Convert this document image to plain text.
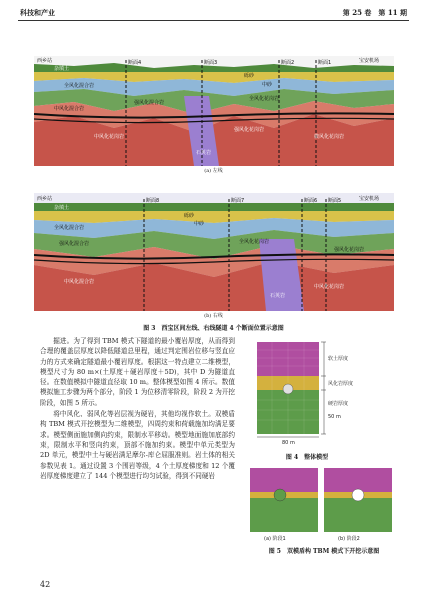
科技和产业	第 25 卷　第 11 期
西乡站	宝安机场
断面4	断面3	断面2	断面1
杂填土
砾砂
全风化混合岩
强风化混合岩
中风化混合岩
全风化花岗岩
强风化花岗岩
中风化花岗岩	微风化花岗岩
中砂
石英岩
(a) 左线
西乡站	宝安机场
断面8	断面7	断面6 断面5
杂填土
砾砂
全风化混合岩
强风化混合岩
中风化混合岩
全风化花岗岩
强风化花岗岩
中风化花岗岩
中砂
石英岩
(b) 右线
图 3　西宝区间左线、右线隧道 4 个断面位置示意图

掘进。为了得到 TBM 模式下隧道的最小覆岩厚度，从而得到合理的覆盖层厚度以降低隧道总里程，通过判定围岩位移与竖直应力的方式来确定隧道最小覆岩厚度。根据这一特点建立二维模型，模型尺寸为 80 m×(土厚度＋硬岩厚度＋5D)，其中 D 为隧道直径。在数值模拟中隧道直径取 10 m。整体模型如图 4 所示。数值模拟施工步骤为两个部分，阶段 1 为位移清零阶段，阶段 2 为开挖阶段，如图 5 所示。

将中风化、弱风化等岩层视为硬岩，其他均视作软土。双模盾构 TBM 模式开挖模型为二维模型，四周约束和荷载施加均满足要求。模型侧面施加侧向约束，限制水平移动。模型地面施加底部约束，限制水平和竖向约束，顶部不施加约束。模型中单元类型为 2D 单元，模型中土与硬岩满足摩尔-库仑屈服准则。岩土体的相关参数见表 1。通过设置 3 个围岩等级，4 个土厚度梯度和 12 个覆岩厚度梯度建立了 144 个模型进行均匀试验，得到不同硬岩

软土厚度
风化岩厚度
硬岩厚度
50 m
80 m
图 4　整体模型
(a) 阶段1	(b) 阶段2
图 5　双模盾构 TBM 模式下开挖示意图
42
